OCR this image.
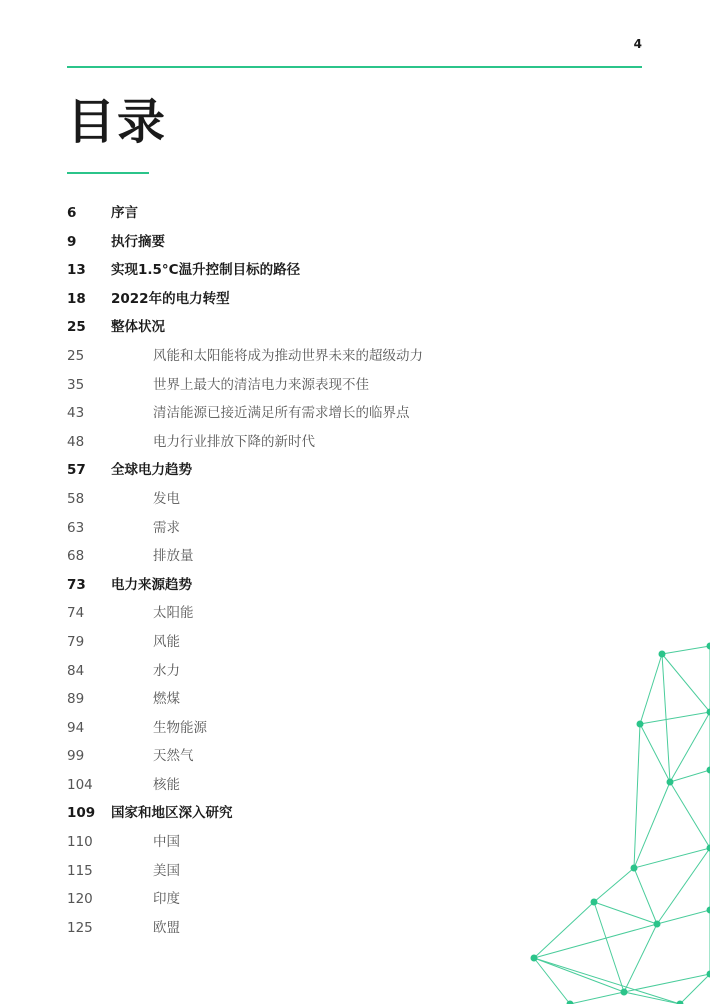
4
目录
6	序言
9	执行摘要
13	实现1.5°C温升控制目标的路径
18	2022年的电力转型
25	整体状况
25	风能和太阳能将成为推动世界未来的超级动力
35	世界上最大的清洁电力来源表现不佳
43	清洁能源已接近满足所有需求增长的临界点
48	电力行业排放下降的新时代
57	全球电力趋势
58	发电
63	需求
68	排放量
73	电力来源趋势
74	太阳能
79	风能
84	水力
89	燃煤
94	生物能源
99	天然气
104	核能
109	国家和地区深入研究
110	中国
115	美国
120	印度
125	欧盟
